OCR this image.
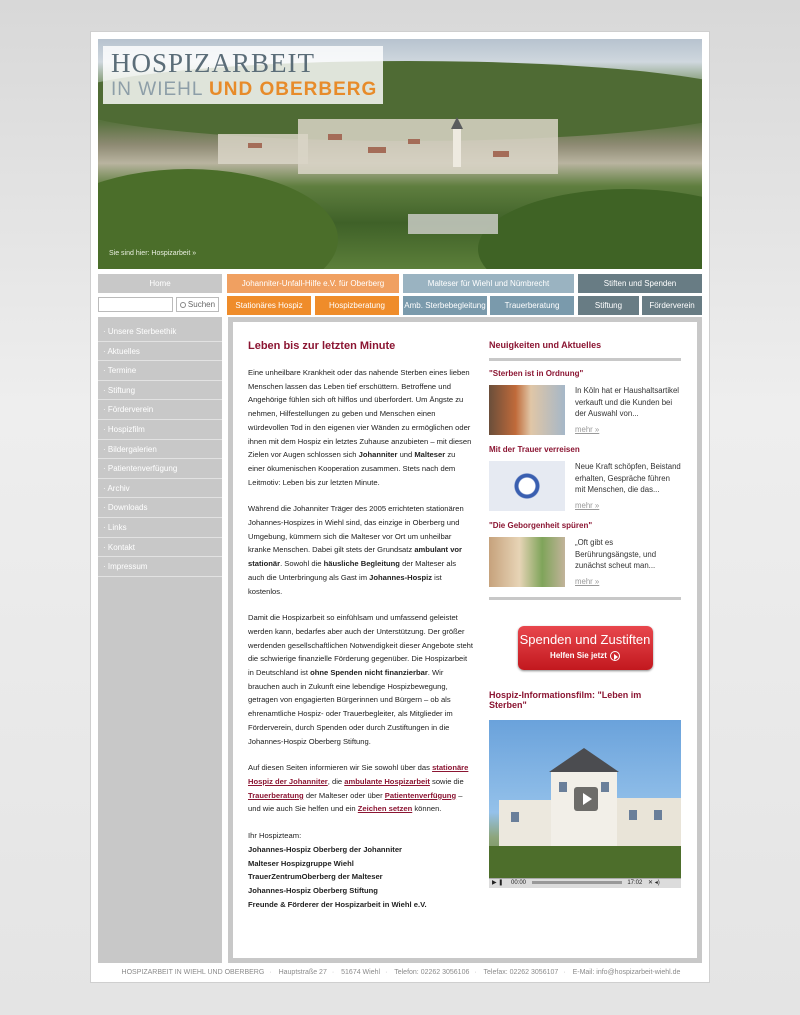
HOSPIZARBEIT
IN WIEHL UND OBERBERG
Sie sind hier: Hospizarbeit »
Home	Johanniter-Unfall-Hilfe e.V. für Oberberg	Malteser für Wiehl und Nümbrecht	Stiften und Spenden
Suchen	Stationäres Hospiz	Hospizberatung	Amb. Sterbebegleitung	Trauerberatung	Stiftung	Förderverein
· Unsere Sterbeethik
· Aktuelles
· Termine
· Stiftung
· Förderverein
· Hospizfilm
· Bildergalerien
· Patientenverfügung
· Archiv
· Downloads
· Links
· Kontakt
· Impressum
Leben bis zur letzten Minute

Eine unheilbare Krankheit oder das nahende Sterben eines lieben Menschen lassen das Leben tief erschüttern. Betroffene und Angehörige fühlen sich oft hilflos und überfordert. Um Ängste zu nehmen, Hilfestellungen zu geben und Menschen einen würdevollen Tod in den eigenen vier Wänden zu ermöglichen oder ihnen mit dem Hospiz ein letztes Zuhause anzubieten – mit diesen Zielen vor Augen schlossen sich Johanniter und Malteser zu einer ökumenischen Kooperation zusammen. Stets nach dem Leitmotiv: Leben bis zur letzten Minute.

Während die Johanniter Träger des 2005 errichteten stationären Johannes-Hospizes in Wiehl sind, das einzige in Oberberg und Umgebung, kümmern sich die Malteser vor Ort um unheilbar kranke Menschen. Dabei gilt stets der Grundsatz ambulant vor stationär. Sowohl die häusliche Begleitung der Malteser als auch die Unterbringung als Gast im Johannes-Hospiz ist kostenlos.

Damit die Hospizarbeit so einfühlsam und umfassend geleistet werden kann, bedarfes aber auch der Unterstützung. Der größer werdenden gesellschaftlichen Notwendigkeit dieser Angebote steht die schwierige finanzielle Förderung gegenüber. Die Hospizarbeit in Deutschland ist ohne Spenden nicht finanzierbar. Wir brauchen auch in Zukunft eine lebendige Hospizbewegung, getragen von engagierten Bürgerinnen und Bürgern – ob als ehrenamtliche Hospiz- oder Trauerbegleiter, als Mitglieder im Förderverein, durch Spenden oder durch Zustiftungen in die Johannes-Hospiz Oberberg Stiftung.

Auf diesen Seiten informieren wir Sie sowohl über das stationäre Hospiz der Johanniter, die ambulante Hospizarbeit sowie die Trauerberatung der Malteser oder über Patientenverfügung – und wie auch Sie helfen und ein Zeichen setzen können.

Ihr Hospizteam:

Johannes-Hospiz Oberberg der Johanniter
Malteser Hospizgruppe Wiehl
TrauerZentrumOberberg der Malteser
Johannes-Hospiz Oberberg Stiftung
Freunde & Förderer der Hospizarbeit in Wiehl e.V.
Neuigkeiten und Aktuelles
"Sterben ist in Ordnung"
In Köln hat er Haushaltsartikel verkauft und die Kunden bei der Auswahl von...
mehr »
Mit der Trauer verreisen
Neue Kraft schöpfen, Beistand erhalten, Gespräche führen mit Menschen, die das...
mehr »
"Die Geborgenheit spüren"
„Oft gibt es Berührungsängste, und zunächst scheut man...
mehr »
Spenden und Zustiften
Helfen Sie jetzt
Hospiz-Informationsfilm: "Leben im Sterben"
▶ ❚ 00:00	17:02 ✕ ◂)
HOSPIZARBEIT IN WIEHL UND OBERBERG · Hauptstraße 27 · 51674 Wiehl · Telefon: 02262 3056106 · Telefax: 02262 3056107 · E-Mail: info@hospizarbeit-wiehl.de
